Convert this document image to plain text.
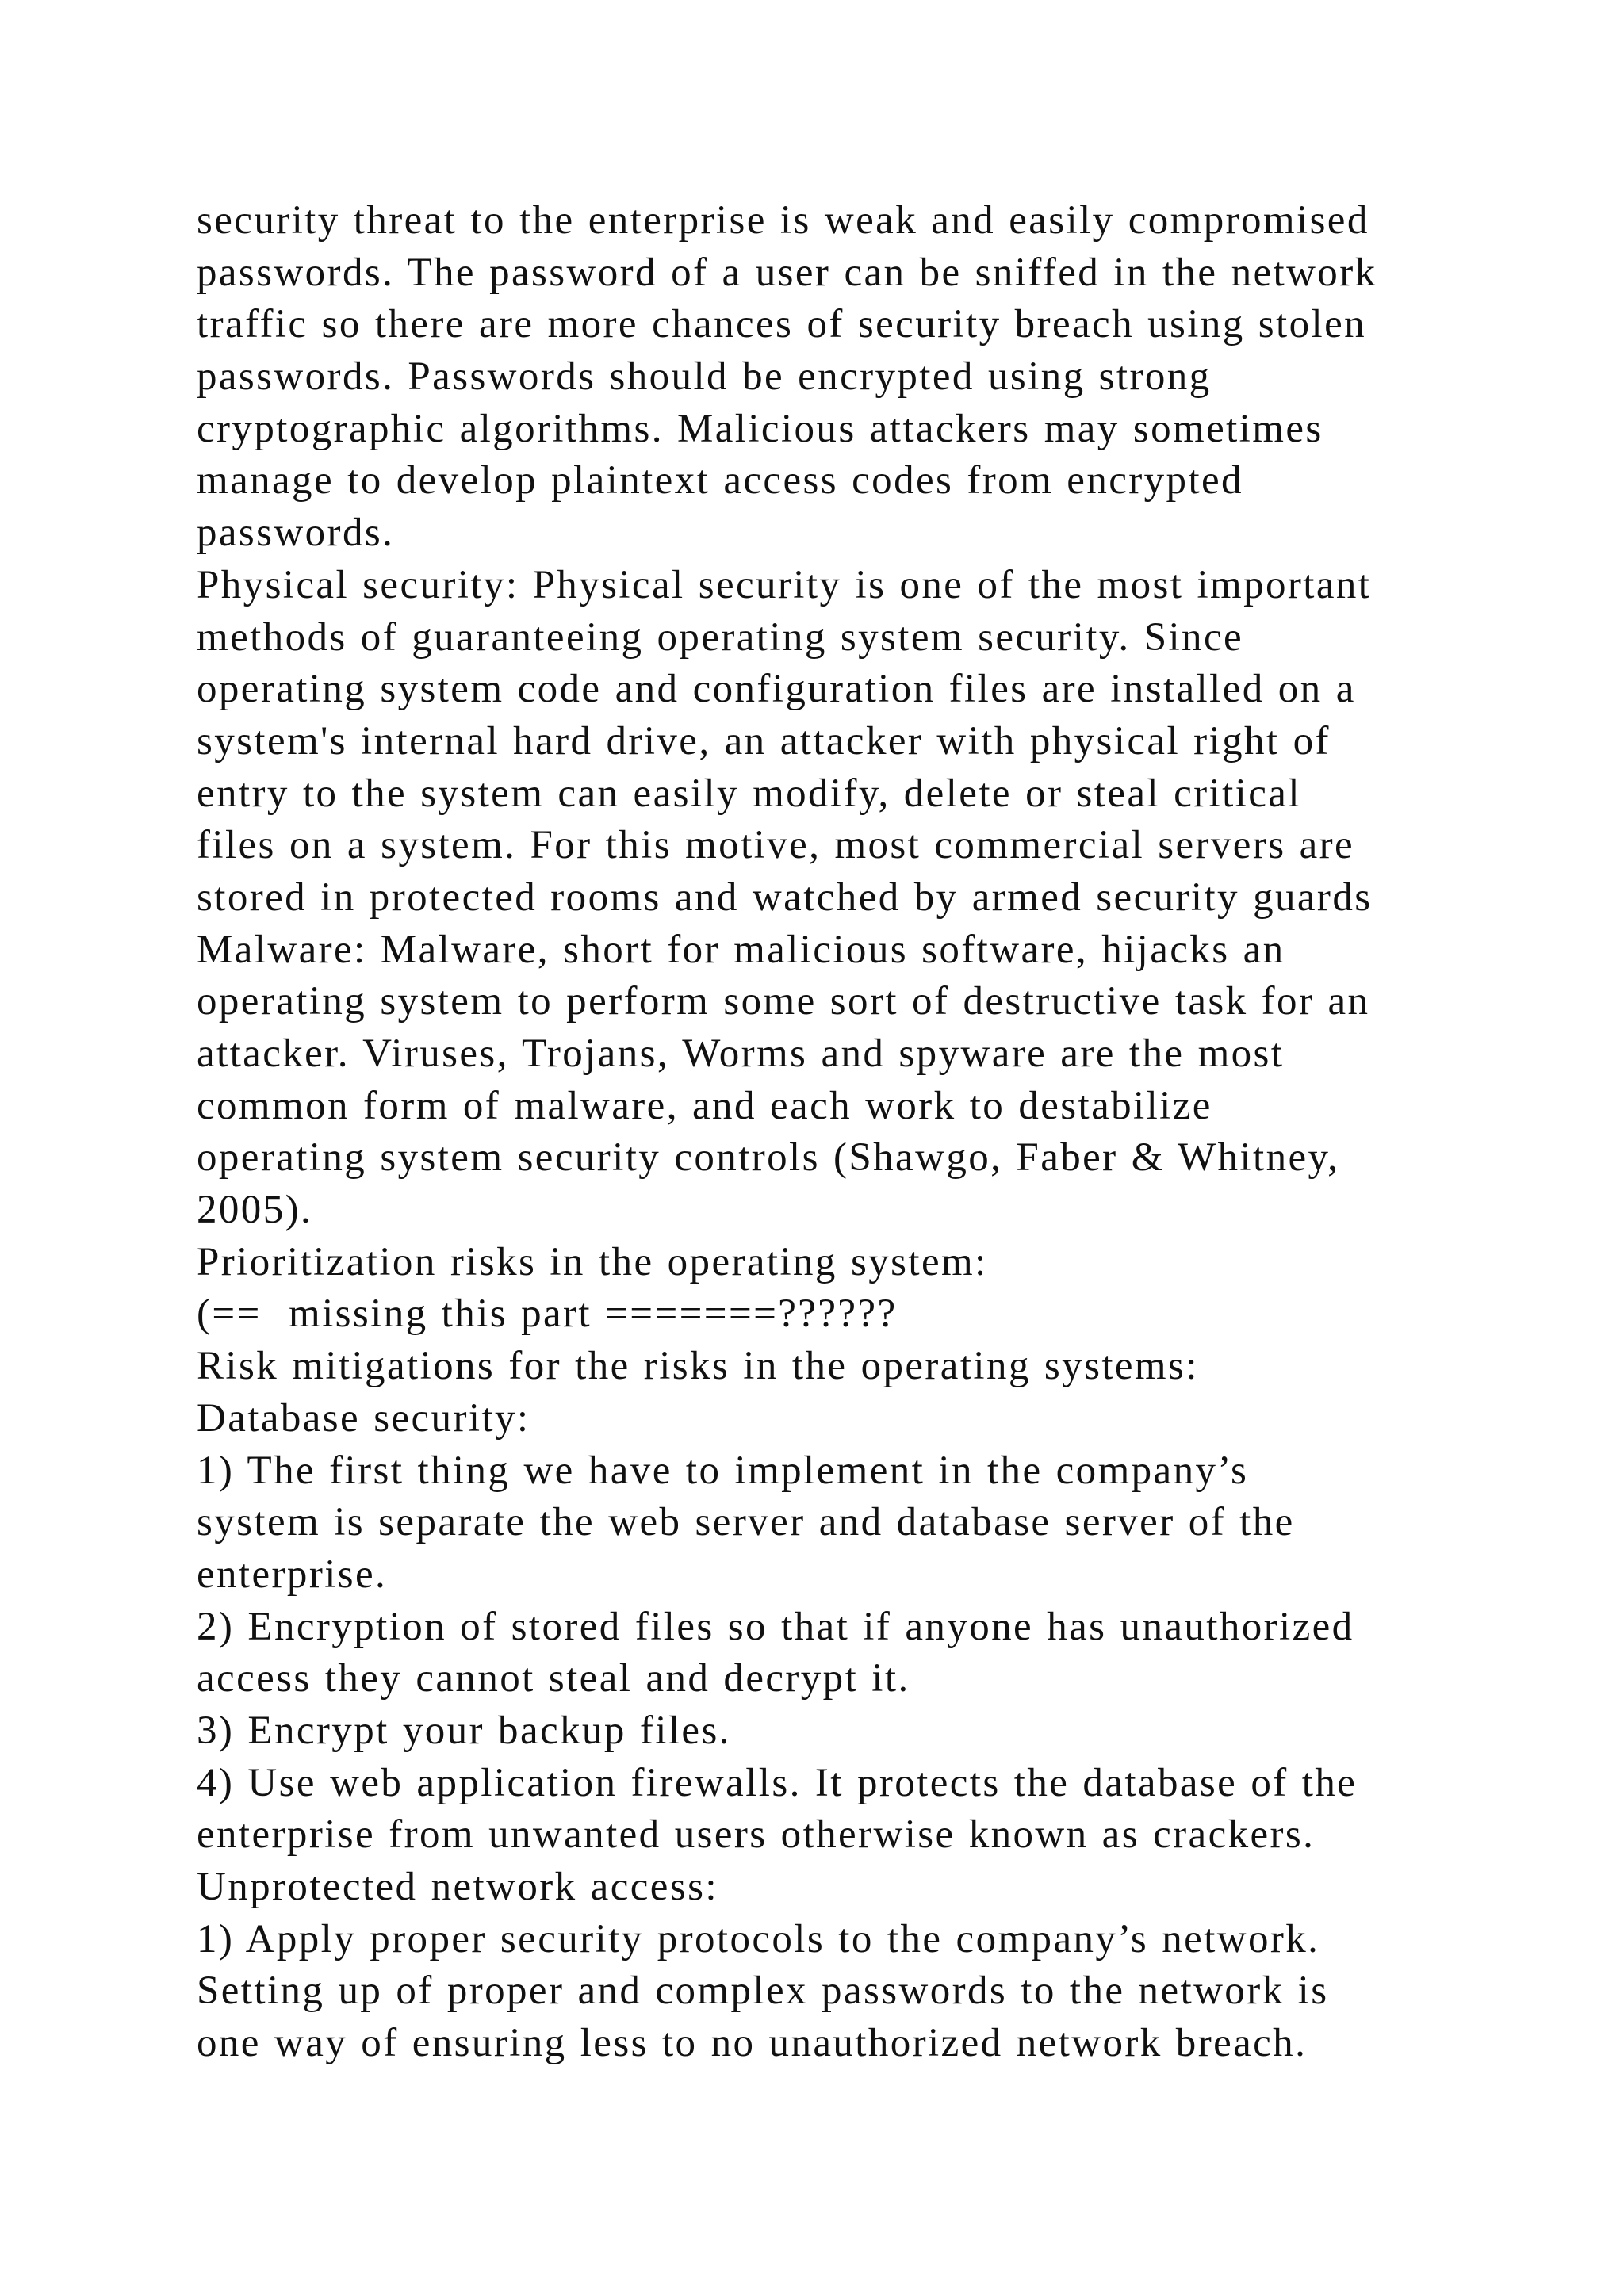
security threat to the enterprise is weak and easily compromised
passwords. The password of a user can be sniffed in the network
traffic so there are more chances of security breach using stolen
passwords. Passwords should be encrypted using strong
cryptographic algorithms. Malicious attackers may sometimes
manage to develop plaintext access codes from encrypted
passwords.
Physical security: Physical security is one of the most important
methods of guaranteeing operating system security. Since
operating system code and configuration files are installed on a
system's internal hard drive, an attacker with physical right of
entry to the system can easily modify, delete or steal critical
files on a system. For this motive, most commercial servers are
stored in protected rooms and watched by armed security guards
Malware: Malware, short for malicious software, hijacks an
operating system to perform some sort of destructive task for an
attacker. Viruses, Trojans, Worms and spyware are the most
common form of malware, and each work to destabilize
operating system security controls (Shawgo, Faber & Whitney,
2005).
Prioritization risks in the operating system:
(==  missing this part =======??????
Risk mitigations for the risks in the operating systems:
Database security:
1) The first thing we have to implement in the company’s
system is separate the web server and database server of the
enterprise.
2) Encryption of stored files so that if anyone has unauthorized
access they cannot steal and decrypt it.
3) Encrypt your backup files.
4) Use web application firewalls. It protects the database of the
enterprise from unwanted users otherwise known as crackers.
Unprotected network access:
1) Apply proper security protocols to the company’s network.
Setting up of proper and complex passwords to the network is
one way of ensuring less to no unauthorized network breach.
